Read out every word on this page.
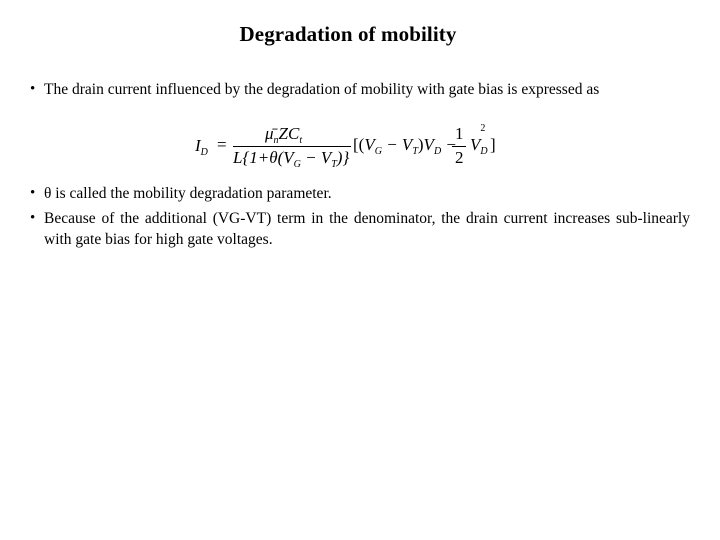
Degradation of mobility
• The drain current influenced by the degradation of mobility with gate bias is expressed as
$I_D$ =
$\mū_nZC_t$
$L\{1+\theta(V_G - V_T)\}$
[$(V_G - V_T)V_D$ −
1
2
V
2
$_D$ ]
• θ is called the mobility degradation parameter.
• Because of the additional (VG-VT) term in the denominator, the drain current increases sub-linearly with gate bias for high gate voltages.
